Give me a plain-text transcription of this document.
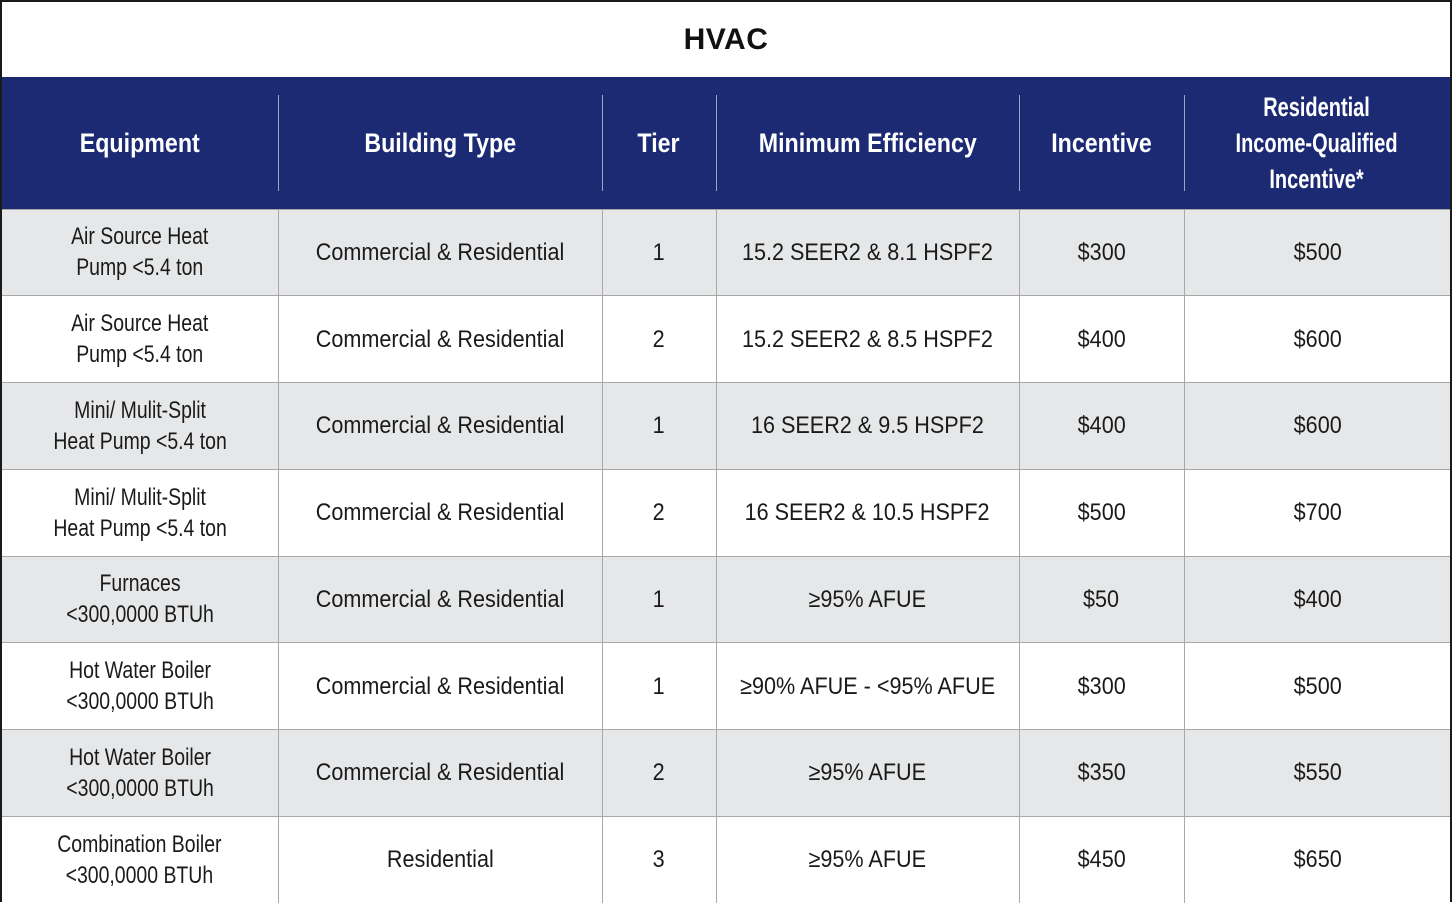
HVAC
Equipment	Building Type	Tier	Minimum Efficiency	Incentive	Residential
Income-Qualified
Incentive*

Air Source Heat
Pump <5.4 ton	Commercial & Residential	1	15.2 SEER2 & 8.1 HSPF2	$300	$500

Air Source Heat
Pump <5.4 ton	Commercial & Residential	2	15.2 SEER2 & 8.5 HSPF2	$400	$600

Mini/ Mulit-Split
Heat Pump <5.4 ton	Commercial & Residential	1	16 SEER2 & 9.5 HSPF2	$400	$600

Mini/ Mulit-Split
Heat Pump <5.4 ton	Commercial & Residential	2	16 SEER2 & 10.5 HSPF2	$500	$700

Furnaces
<300,0000 BTUh	Commercial & Residential	1	≥95% AFUE	$50	$400

Hot Water Boiler
<300,0000 BTUh	Commercial & Residential	1	≥90% AFUE - <95% AFUE	$300	$500

Hot Water Boiler
<300,0000 BTUh	Commercial & Residential	2	≥95% AFUE	$350	$550

Combination Boiler
<300,0000 BTUh	Residential	3	≥95% AFUE	$450	$650
